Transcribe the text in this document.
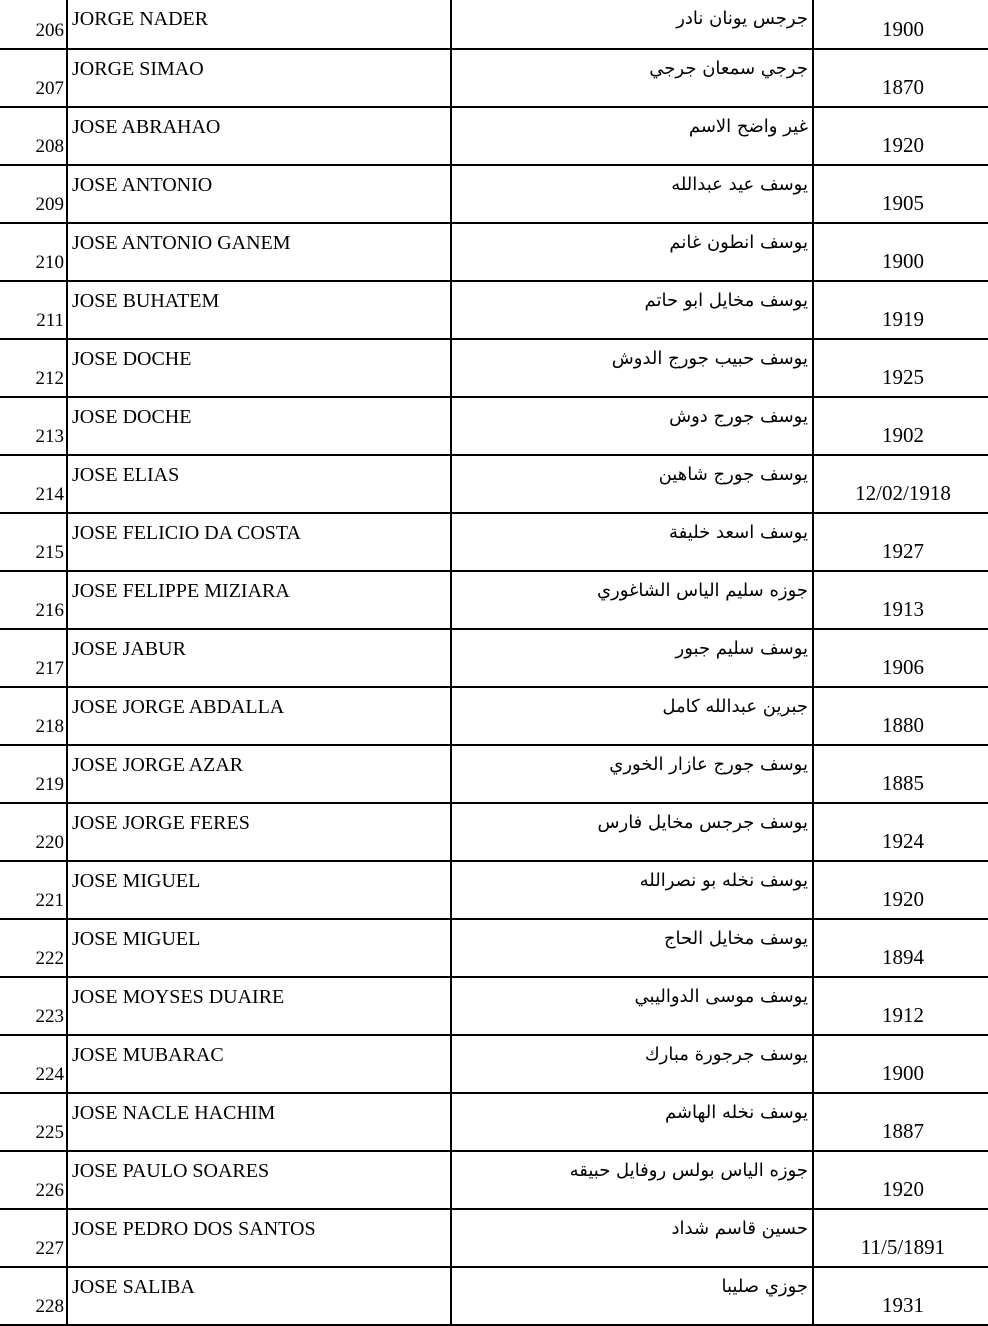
206	JORGE NADER	جرجس يونان نادر	1900
207	JORGE SIMAO	جرجي سمعان جرجي	1870
208	JOSE ABRAHAO	غير واضح الاسم	1920
209	JOSE ANTONIO	يوسف عيد عبدالله	1905
210	JOSE ANTONIO GANEM	يوسف انطون غانم	1900
211	JOSE BUHATEM	يوسف مخايل ابو حاتم	1919
212	JOSE DOCHE	يوسف حبيب جورج الدوش	1925
213	JOSE DOCHE	يوسف جورج دوش	1902
214	JOSE ELIAS	يوسف جورج شاهين	12/02/1918
215	JOSE FELICIO DA COSTA	يوسف اسعد خليفة	1927
216	JOSE FELIPPE MIZIARA	جوزه سليم الياس الشاغوري	1913
217	JOSE JABUR	يوسف سليم جبور	1906
218	JOSE JORGE ABDALLA	جبرين عبدالله كامل	1880
219	JOSE JORGE AZAR	يوسف جورج عازار الخوري	1885
220	JOSE JORGE FERES	يوسف جرجس مخايل فارس	1924
221	JOSE MIGUEL	يوسف نخله بو نصرالله	1920
222	JOSE MIGUEL	يوسف مخايل الحاج	1894
223	JOSE MOYSES DUAIRE	يوسف موسى الدواليبي	1912
224	JOSE MUBARAC	يوسف جرجورة مبارك	1900
225	JOSE NACLE HACHIM	يوسف نخله الهاشم	1887
226	JOSE PAULO SOARES	جوزه الياس بولس روفايل حبيقه	1920
227	JOSE PEDRO DOS SANTOS	حسين قاسم شداد	11/5/1891
228	JOSE SALIBA	جوزي صليبا	1931
